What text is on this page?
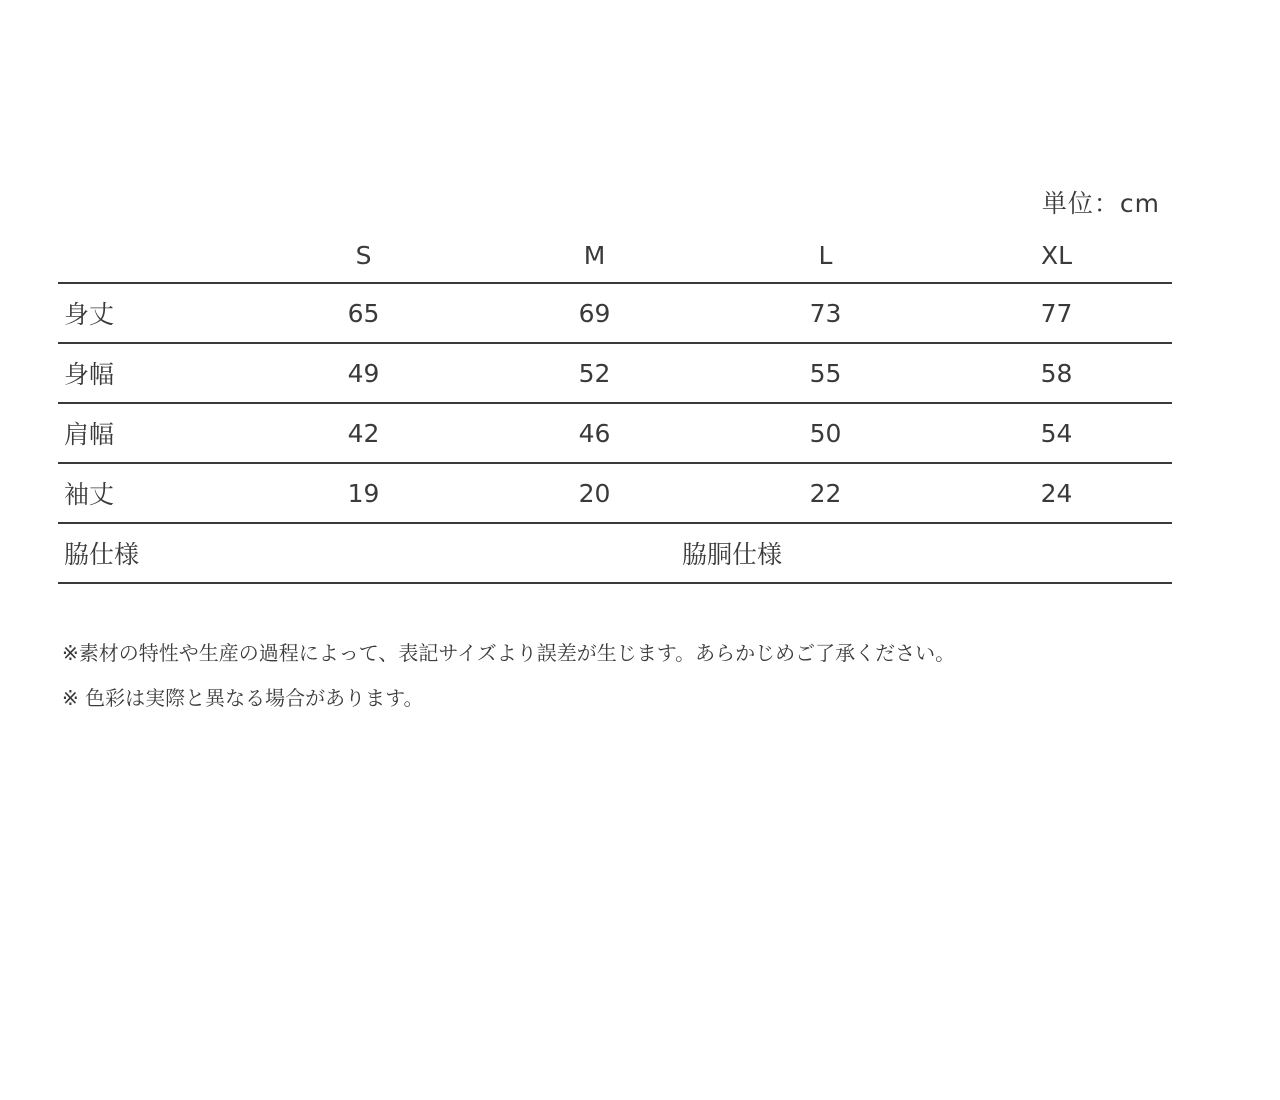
単位：cm
	S	M	L	XL
身丈	65	69	73	77
身幅	49	52	55	58
肩幅	42	46	50	54
袖丈	19	20	22	24
脇仕様	脇胴仕様			

※素材の特性や生産の過程によって、表記サイズより誤差が生じます。あらかじめご了承ください。

※ 色彩は実際と異なる場合があります。
